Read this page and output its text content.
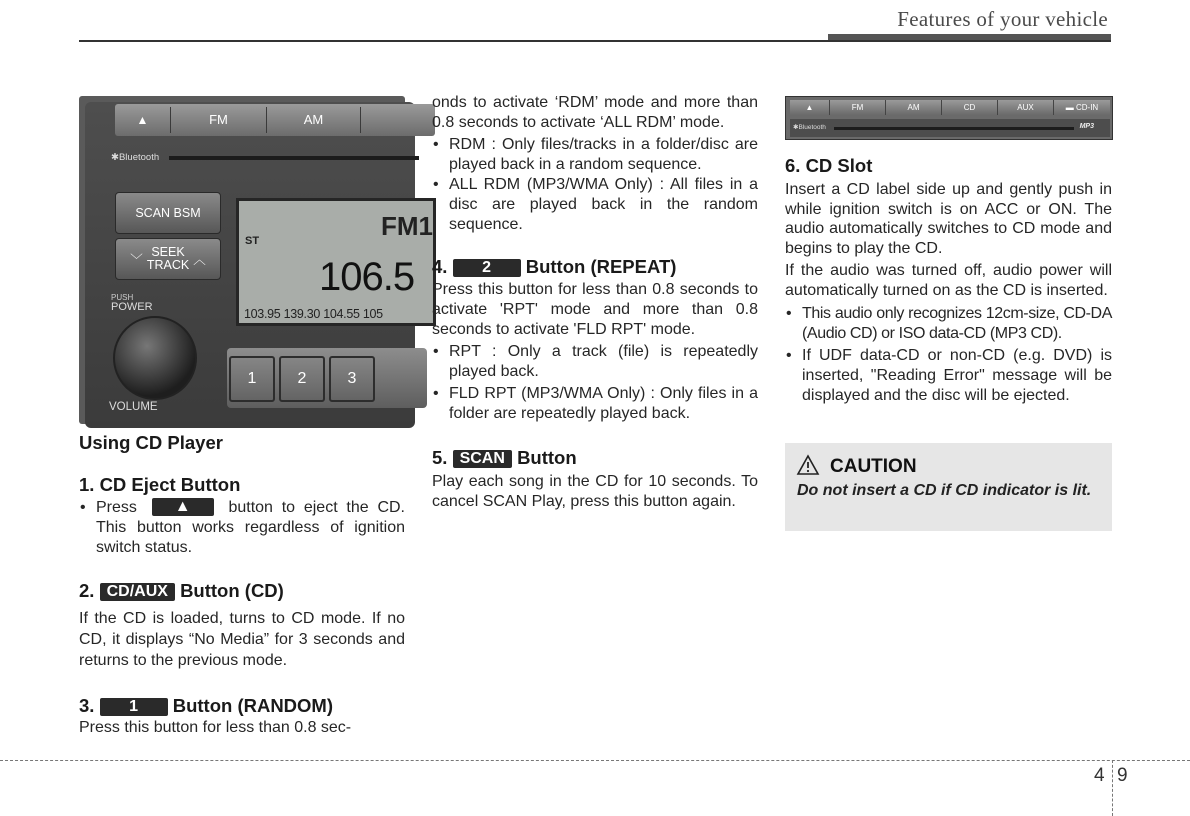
Features of your vehicle
▲	FM	AM
✱Bluetooth
SCAN BSM
﹀
SEEK
TRACK ︿
FM1
ST
106.5
103.95 139.30 104.55 105
PUSH
POWER
VOLUME
1	2	3
Using CD Player
1. CD Eject Button
• Press ▲ button to eject the CD. This button works regardless of ignition switch status.
2. CD/AUX Button (CD)

If the CD is loaded, turns to CD mode. If no CD, it displays “No Media” for 3 seconds and returns to the previous mode.

3. 1 Button (RANDOM)

Press this button for less than 0.8 sec-

onds to activate ‘RDM’ mode and more than 0.8 seconds to activate ‘ALL RDM’ mode.

• RDM : Only files/tracks in a folder/disc are played back in a random sequence.
• ALL RDM (MP3/WMA Only) : All files in a disc are played back in the random sequence.
4. 2 Button (REPEAT)

Press this button for less than 0.8 seconds to activate 'RPT' mode and more than 0.8 seconds to activate 'FLD RPT' mode.

• RPT : Only a track (file) is repeatedly played back.
• FLD RPT (MP3/WMA Only) : Only files in a folder are repeatedly played back.
5. SCAN Button

Play each song in the CD for 10 seconds. To cancel SCAN Play, press this button again.

▲	FM	AM	CD	AUX	▬ CD-IN
✱Bluetooth	MP3
6. CD Slot

Insert a CD label side up and gently push in while ignition switch is on ACC or ON. The audio automatically switches to CD mode and begins to play the CD.

If the audio was turned off, audio power will automatically turned on as the CD is inserted.

• This audio only recognizes 12cm-size, CD-DA (Audio CD) or ISO data-CD (MP3 CD).
• If UDF data-CD or non-CD (e.g. DVD) is inserted, "Reading Error" message will be displayed and the disc will be ejected.
CAUTION
Do not insert a CD if CD indicator is lit.
4 9
